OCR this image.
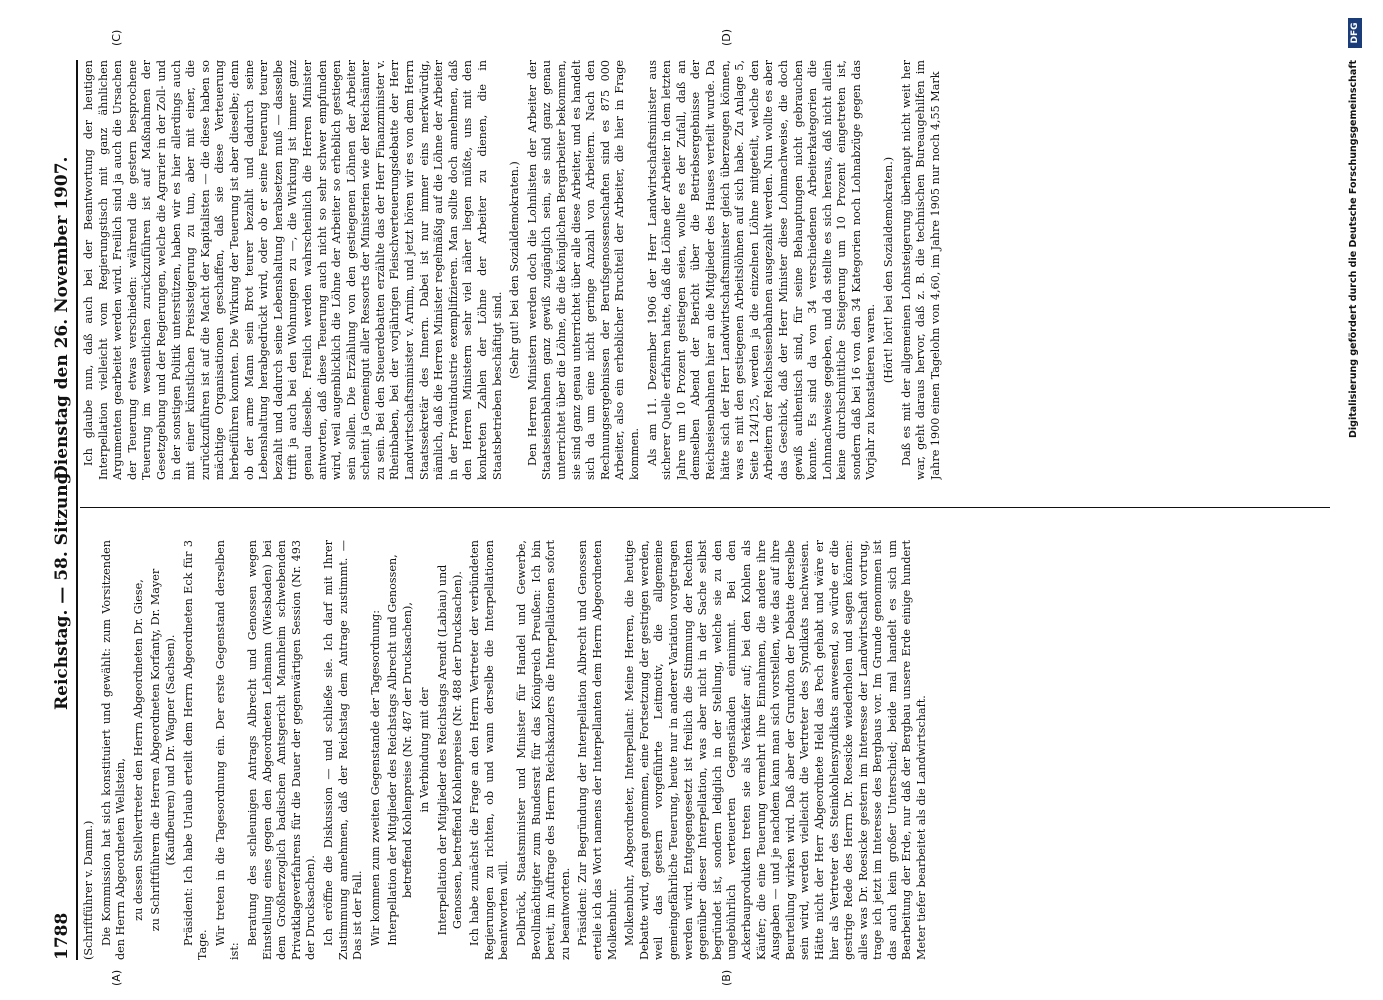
1788
Reichstag. — 58. Sitzung.
Dienstag den 26. November 1907.
(A)	(B)
(C)	(D)

(Schriftführer v. Damm.) Die Kommission hat sich konstituiert und gewählt: zum Vorsitzenden den Herrn Abgeordneten Wellstein, zu dessen Stellvertreter den Herrn Abgeordneten Dr. Giese, zu Schriftführern die Herren Abgeordneten Korfanty, Dr. Mayer (Kaufbeuren) und Dr. Wagner (Sachsen). Präsident: Ich habe Urlaub erteilt dem Herrn Abgeordneten Eck für 3 Tage. Wir treten in die Tagesordnung ein. Der erste Gegenstand derselben ist:

Beratung des schleunigen Antrags Albrecht und Genossen wegen Einstellung eines gegen den Abgeordneten Lehmann (Wiesbaden) bei dem Großherzoglich badischen Amtsgericht Mannheim schwebenden Privatklageverfahrens für die Dauer der gegenwärtigen Session (Nr. 493 der Drucksachen). Ich eröffne die Diskussion — und schließe sie. Ich darf mit Ihrer Zustimmung annehmen, daß der Reichstag dem Antrage zustimmt. — Das ist der Fall. Wir kommen zum zweiten Gegenstande der Tagesordnung: Interpellation der Mitglieder des Reichstags Albrecht und Genossen, betreffend Kohlenpreise (Nr. 487 der Drucksachen), in Verbindung mit der Interpellation der Mitglieder des Reichstags Arendt (Labiau) und Genossen, betreffend Kohlenpreise (Nr. 488 der Drucksachen). Ich habe zunächst die Frage an den Herrn Vertreter der verbündeten Regierungen zu richten, ob und wann derselbe die Interpellationen beantworten will. Delbrück, Staatsminister und Minister für Handel und Gewerbe, Bevollmächtigter zum Bundesrat für das Königreich Preußen: Ich bin bereit, im Auftrage des Herrn Reichskanzlers die Interpellationen sofort zu beantworten. Präsident: Zur Begründung der Interpellation Albrecht und Genossen erteile ich das Wort namens der Interpellanten dem Herrn Abgeordneten Molkenbuhr. Molkenbuhr, Abgeordneter, Interpellant: Meine Herren, die heutige Debatte wird, genau genommen, eine Fortsetzung der gestrigen werden, weil das gestern vorgeführte Leitmotiv, die allgemeine gemeingefährliche Teuerung, heute nur in anderer Variation vorgetragen werden wird. Entgegengesetzt ist freilich die Stimmung der Rechten gegenüber dieser Interpellation, was aber nicht in der Sache selbst begründet ist, sondern lediglich in der Stellung, welche sie zu den ungebührlich verteuerten Gegenständen einnimmt. Bei den Ackerbauprodukten treten sie als Verkäufer auf; bei den Kohlen als Käufer; die eine Teuerung vermehrt ihre Einnahmen, die andere ihre Ausgaben — und je nachdem kann man sich vorstellen, wie das auf ihre Beurteilung wirken wird. Daß aber der Grundton der Debatte derselbe sein wird, werden vielleicht die Vertreter des Syndikats nachweisen. Hätte nicht der Herr Abgeordnete Held das Pech gehabt und wäre er hier als Vertreter des Steinkohlensyndikats anwesend, so würde er die gestrige Rede des Herrn Dr. Roesicke wiederholen und sagen können: alles was Dr. Roesicke gestern im Interesse der Landwirtschaft vortrug, trage ich jetzt im Interesse des Bergbaus vor. Im Grunde genommen ist das auch kein großer Unterschied; beide mal handelt es sich um Bearbeitung der Erde, nur daß der Bergbau unsere Erde einige hundert Meter tiefer bearbeitet als die Landwirtschaft.

Ich glaube nun, daß auch bei der Beantwortung der heutigen Interpellation vielleicht vom Regierungstisch mit ganz ähnlichen Argumenten gearbeitet werden wird. Freilich sind ja auch die Ursachen der Teuerung etwas verschieden: während die gestern besprochene Teuerung im wesentlichen zurückzuführen ist auf Maßnahmen der Gesetzgebung und der Regierungen, welche die Agrarier in der Zoll- und in der sonstigen Politik unterstützen, haben wir es hier allerdings auch mit einer künstlichen Preissteigerung zu tun, aber mit einer, die zurückzuführen ist auf die Macht der Kapitalisten — die diese haben so mächtige Organisationen geschaffen, daß sie diese Verteuerung herbeiführen konnten. Die Wirkung der Teuerung ist aber dieselbe; denn ob der arme Mann sein Brot teurer bezahlt und dadurch seine Lebenshaltung herabgedrückt wird, oder ob er seine Feuerung teurer bezahlt und dadurch seine Lebenshaltung herabsetzen muß — dasselbe trifft ja auch bei den Wohnungen zu —, die Wirkung ist immer ganz genau dieselbe. Freilich werden wahrscheinlich die Herren Minister antworten, daß diese Teuerung auch nicht so sehr schwer empfunden wird, weil augenblicklich die Löhne der Arbeiter so erheblich gestiegen sein sollen. Die Erzählung von den gestiegenen Löhnen der Arbeiter scheint ja Gemeingut aller Ressorts der Ministerien wie der Reichsämter zu sein. Bei den Steuerdebatten erzählte das der Herr Finanzminister v. Rheinbaben, bei der vorjährigen Fleischverteuerungsdebatte der Herr Landwirtschaftsminister v. Arnim, und jetzt hören wir es von dem Herrn Staatssekretär des Innern. Dabei ist nur immer eins merkwürdig, nämlich, daß die Herren Minister regelmäßig auf die Löhne der Arbeiter in der Privatindustrie exemplifizieren. Man sollte doch annehmen, daß den Herren Ministern sehr viel näher liegen müßte, uns mit den konkreten Zahlen der Löhne der Arbeiter zu dienen, die in Staatsbetrieben beschäftigt sind.

(Sehr gut! bei den Sozialdemokraten.) Den Herren Ministern werden doch die Lohnlisten der Arbeiter der Staatseisenbahnen ganz gewiß zugänglich sein, sie sind ganz genau unterrichtet über die Löhne, die die königlichen Bergarbeiter bekommen, sie sind ganz genau unterrichtet über alle diese Arbeiter, und es handelt sich da um eine nicht geringe Anzahl von Arbeitern. Nach den Rechnungsergebnissen der Berufsgenossenschaften sind es 875 000 Arbeiter, also ein erheblicher Bruchteil der Arbeiter, die hier in Frage kommen. Als am 11. Dezember 1906 der Herr Landwirtschaftsminister aus sicherer Quelle erfahren hatte, daß die Löhne der Arbeiter in dem letzten Jahre um 10 Prozent gestiegen seien, wollte es der Zufall, daß an demselben Abend der Bericht über die Betriebsergebnisse der Reichseisenbahnen hier an die Mitglieder des Hauses verteilt wurde. Da hätte sich der Herr Landwirtschaftsminister gleich überzeugen können, was es mit den gestiegenen Arbeitslöhnen auf sich habe. Zu Anlage 5, Seite 124/125, werden ja die einzelnen Löhne mitgeteilt, welche den Arbeitern der Reichseisenbahnen ausgezahlt werden. Nun wollte es aber das Geschick, daß der Herr Minister diese Lohnnachweise, die doch gewiß authentisch sind, für seine Behauptungen nicht gebrauchen konnte. Es sind da von 34 verschiedenen Arbeiterkategorien die Lohnnachweise gegeben, und da stellte es sich heraus, daß nicht allein keine durchschnittliche Steigerung um 10 Prozent eingetreten ist, sondern daß bei 16 von den 34 Kategorien noch Lohnabzüge gegen das Vorjahr zu konstatieren waren.

(Hört! hört! bei den Sozialdemokraten.) Daß es mit der allgemeinen Lohnsteigerung überhaupt nicht weit her war, geht daraus hervor, daß z. B. die technischen Bureaugehilfen im Jahre 1900 einen Tagelohn von 4,60, im Jahre 1905 nur noch 4,55 Mark	Digitalisierung gefördert durch die Deutsche Forschungsgemeinschaft
DFG
